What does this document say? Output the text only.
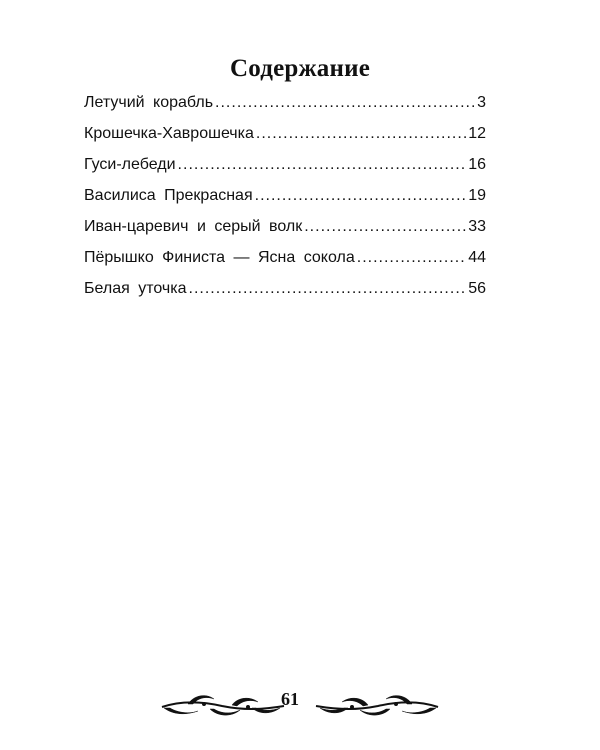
Содержание
Летучий корабль .....	3
Крошечка-Хаврошечка .....	12
Гуси-лебеди .....	16
Василиса Прекрасная .....	19
Иван-царевич и серый волк .....	33
Пёрышко Финиста — Ясна сокола .....	44
Белая уточка .....	56
61
